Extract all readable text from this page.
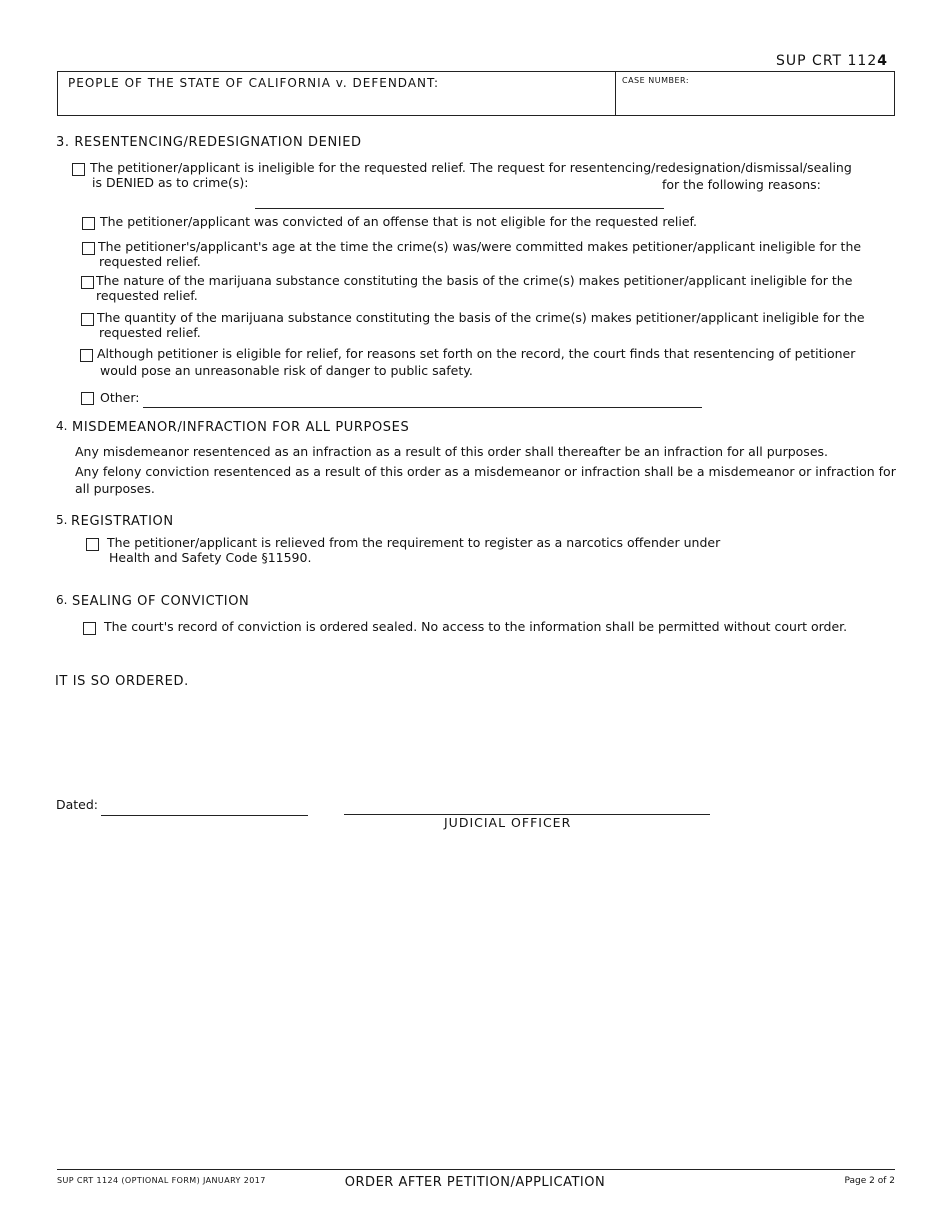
SUP CRT 1124
PEOPLE OF THE STATE OF CALIFORNIA v. DEFENDANT:	CASE NUMBER:
3. RESENTENCING/REDESIGNATION DENIED
The petitioner/applicant is ineligible for the requested relief. The request for resentencing/redesignation/dismissal/sealing
is DENIED as to crime(s):	for the following reasons:
The petitioner/applicant was convicted of an offense that is not eligible for the requested relief.
The petitioner's/applicant's age at the time the crime(s) was/were committed makes petitioner/applicant ineligible for the
requested relief.
The nature of the marijuana substance constituting the basis of the crime(s) makes petitioner/applicant ineligible for the
requested relief.
The quantity of the marijuana substance constituting the basis of the crime(s) makes petitioner/applicant ineligible for the
requested relief.
Although petitioner is eligible for relief, for reasons set forth on the record, the court finds that resentencing of petitioner
would pose an unreasonable risk of danger to public safety.
Other:
4. MISDEMEANOR/INFRACTION FOR ALL PURPOSES
Any misdemeanor resentenced as an infraction as a result of this order shall thereafter be an infraction for all purposes.
Any felony conviction resentenced as a result of this order as a misdemeanor or infraction shall be a misdemeanor or infraction for
all purposes.
5. REGISTRATION
The petitioner/applicant is relieved from the requirement to register as a narcotics offender under
Health and Safety Code §11590.
6. SEALING OF CONVICTION
The court's record of conviction is ordered sealed. No access to the information shall be permitted without court order.
IT IS SO ORDERED.
Dated:
JUDICIAL OFFICER
SUP CRT 1124 (OPTIONAL FORM) JANUARY 2017	ORDER AFTER PETITION/APPLICATION	Page 2 of 2
